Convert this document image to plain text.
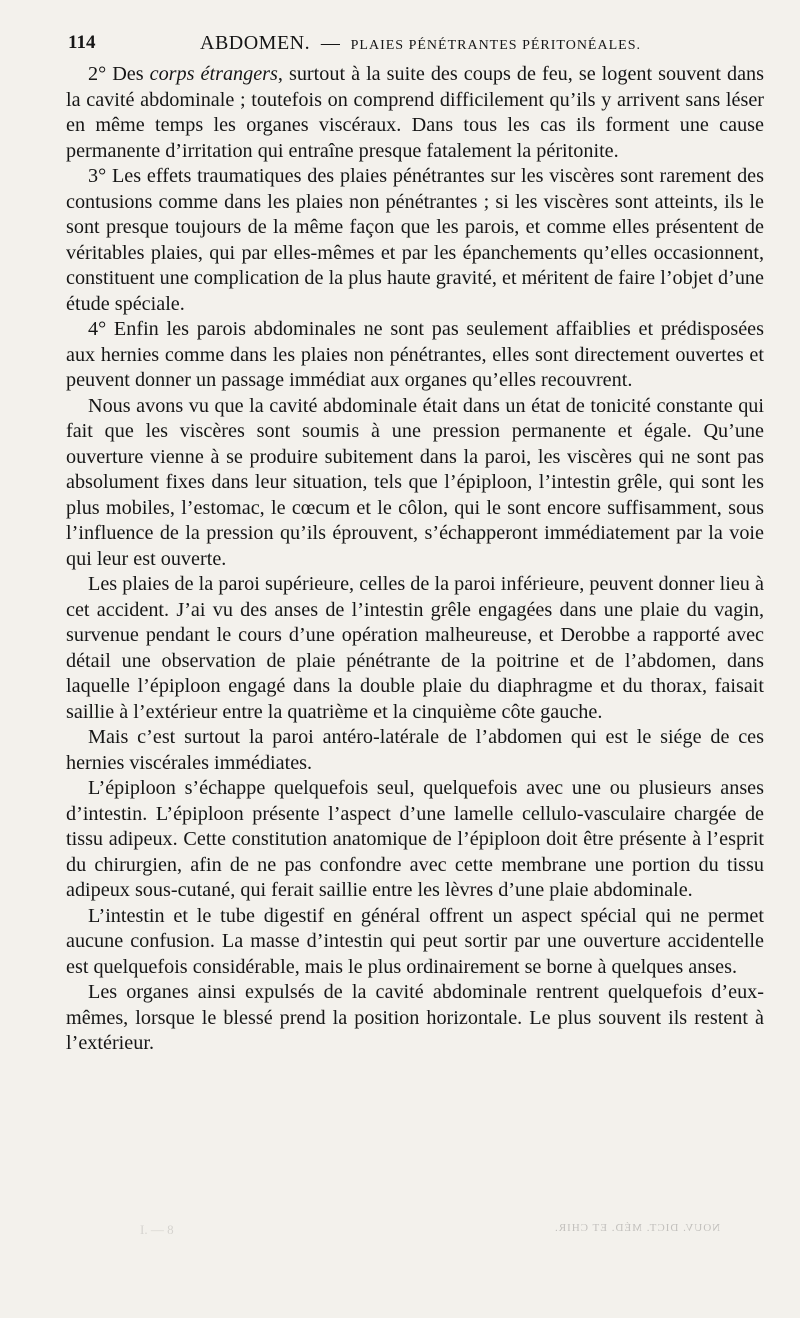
114	ABDOMEN. — PLAIES PÉNÉTRANTES PÉRITONÉALES.

2° Des corps étrangers, surtout à la suite des coups de feu, se logent souvent dans la cavité abdominale ; toutefois on comprend difficilement qu’ils y arrivent sans léser en même temps les organes viscéraux. Dans tous les cas ils forment une cause permanente d’irritation qui entraîne presque fatalement la péritonite.

3° Les effets traumatiques des plaies pénétrantes sur les viscères sont rarement des contusions comme dans les plaies non pénétrantes ; si les viscères sont atteints, ils le sont presque toujours de la même façon que les parois, et comme elles présentent de véritables plaies, qui par elles-mêmes et par les épanchements qu’elles occasionnent, constituent une complication de la plus haute gravité, et méritent de faire l’objet d’une étude spéciale.

4° Enfin les parois abdominales ne sont pas seulement affaiblies et prédisposées aux hernies comme dans les plaies non pénétrantes, elles sont directement ouvertes et peuvent donner un passage immédiat aux organes qu’elles recouvrent.

Nous avons vu que la cavité abdominale était dans un état de tonicité constante qui fait que les viscères sont soumis à une pression permanente et égale. Qu’une ouverture vienne à se produire subitement dans la paroi, les viscères qui ne sont pas absolument fixes dans leur situation, tels que l’épiploon, l’intestin grêle, qui sont les plus mobiles, l’estomac, le cœcum et le côlon, qui le sont encore suffisamment, sous l’influence de la pression qu’ils éprouvent, s’échapperont immédiatement par la voie qui leur est ouverte.

Les plaies de la paroi supérieure, celles de la paroi inférieure, peuvent donner lieu à cet accident. J’ai vu des anses de l’intestin grêle engagées dans une plaie du vagin, survenue pendant le cours d’une opération malheureuse, et Derobbe a rapporté avec détail une observation de plaie pénétrante de la poitrine et de l’abdomen, dans laquelle l’épiploon engagé dans la double plaie du diaphragme et du thorax, faisait saillie à l’extérieur entre la quatrième et la cinquième côte gauche.

Mais c’est surtout la paroi antéro-latérale de l’abdomen qui est le siége de ces hernies viscérales immédiates.

L’épiploon s’échappe quelquefois seul, quelquefois avec une ou plusieurs anses d’intestin. L’épiploon présente l’aspect d’une lamelle cellulo-vasculaire chargée de tissu adipeux. Cette constitution anatomique de l’épiploon doit être présente à l’esprit du chirurgien, afin de ne pas confondre avec cette membrane une portion du tissu adipeux sous-cutané, qui ferait saillie entre les lèvres d’une plaie abdominale.

L’intestin et le tube digestif en général offrent un aspect spécial qui ne permet aucune confusion. La masse d’intestin qui peut sortir par une ouverture accidentelle est quelquefois considérable, mais le plus ordinairement se borne à quelques anses.

Les organes ainsi expulsés de la cavité abdominale rentrent quelquefois d’eux-mêmes, lorsque le blessé prend la position horizontale. Le plus souvent ils restent à l’extérieur.

I. — 8	NOUV. DICT. MÉD. ET CHIR.
